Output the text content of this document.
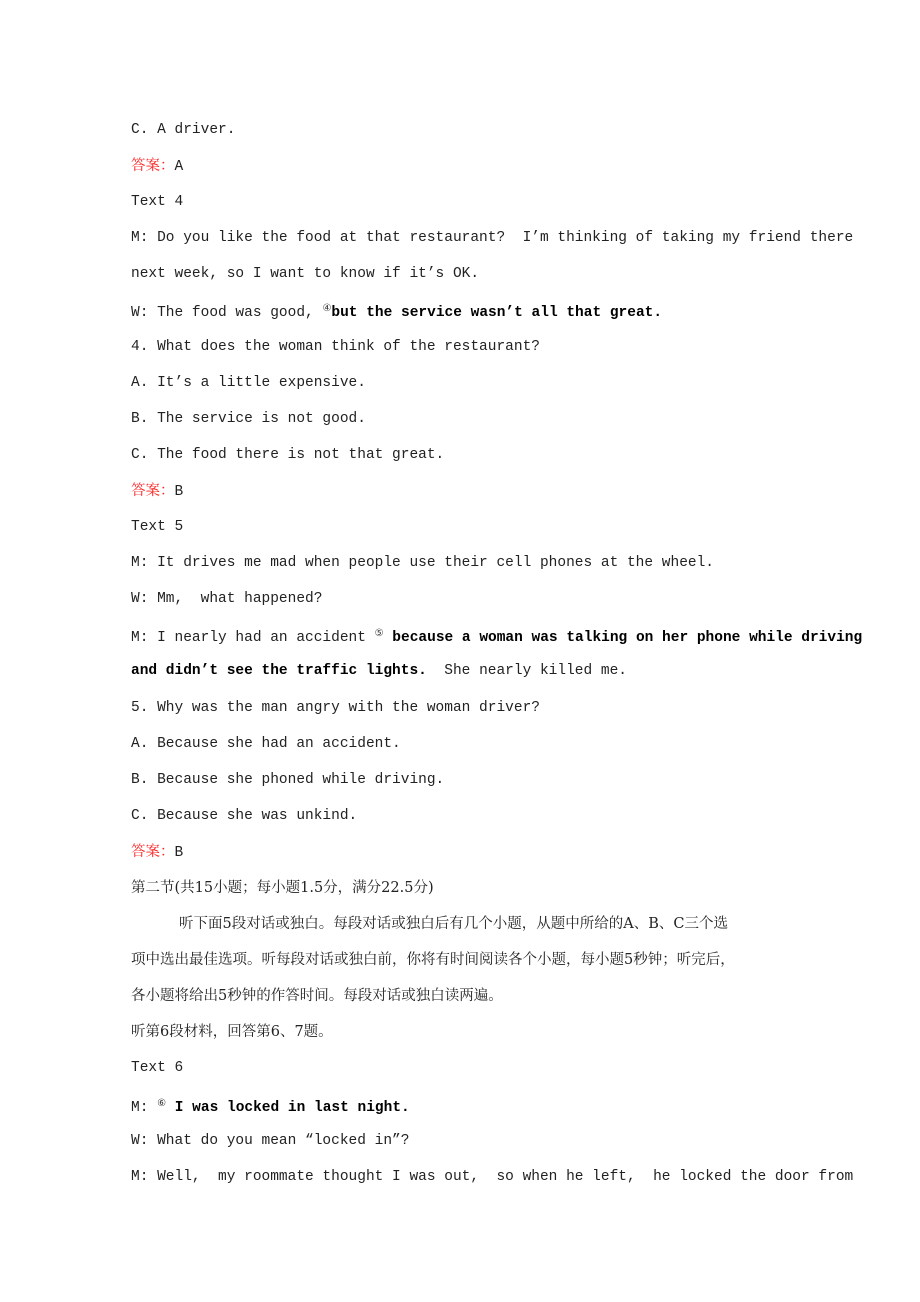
C. A driver.
答案：A
Text 4
M: Do you like the food at that restaurant?  I’m thinking of taking my friend there
next week, so I want to know if it’s OK.
W: The food was good, ④but the service wasn’t all that great.
4. What does the woman think of the restaurant?
A. It’s a little expensive.
B. The service is not good.
C. The food there is not that great.
答案：B
Text 5
M: It drives me mad when people use their cell phones at the wheel.
W: Mm,  what happened?
M: I nearly had an accident ⑤ because a woman was talking on her phone while driving
and didn’t see the traffic lights.  She nearly killed me.
5. Why was the man angry with the woman driver?
A. Because she had an accident.
B. Because she phoned while driving.
C. Because she was unkind.
答案：B
第二节(共15小题；每小题1.5分，满分22.5分)
听下面5段对话或独白。每段对话或独白后有几个小题，从题中所给的A、B、C三个选
项中选出最佳选项。听每段对话或独白前，你将有时间阅读各个小题，每小题5秒钟；听完后，
各小题将给出5秒钟的作答时间。每段对话或独白读两遍。
听第6段材料，回答第6、7题。
Text 6
M: ⑥ I was locked in last night.
W: What do you mean “locked in”?
M: Well,  my roommate thought I was out,  so when he left,  he locked the door from
